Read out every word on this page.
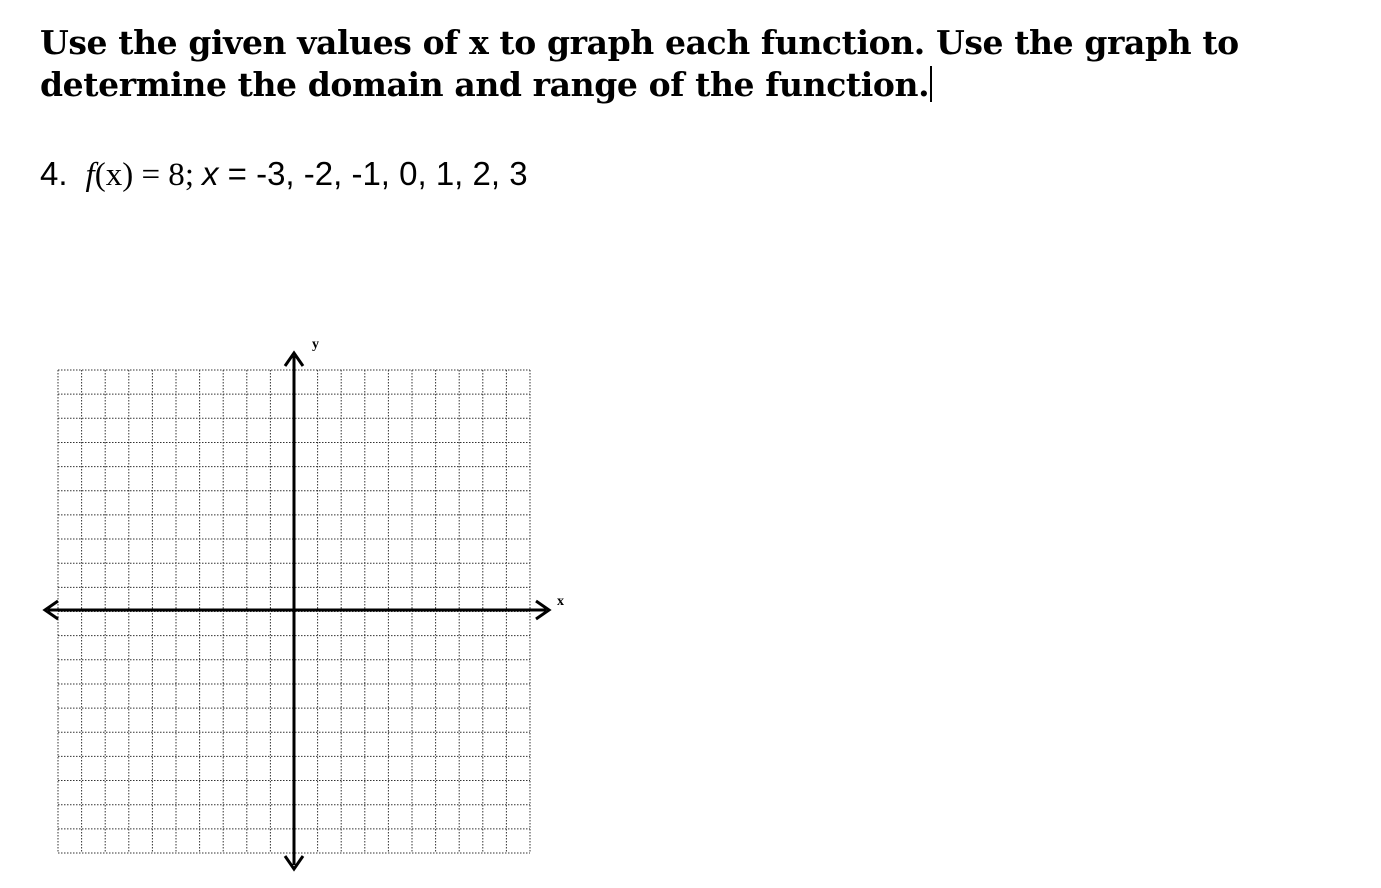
Use the given values of x to graph each function. Use the graph to
determine the domain and range of the function.
4. f(x) = 8; x = -3, -2, -1, 0, 1, 2, 3
y
x
